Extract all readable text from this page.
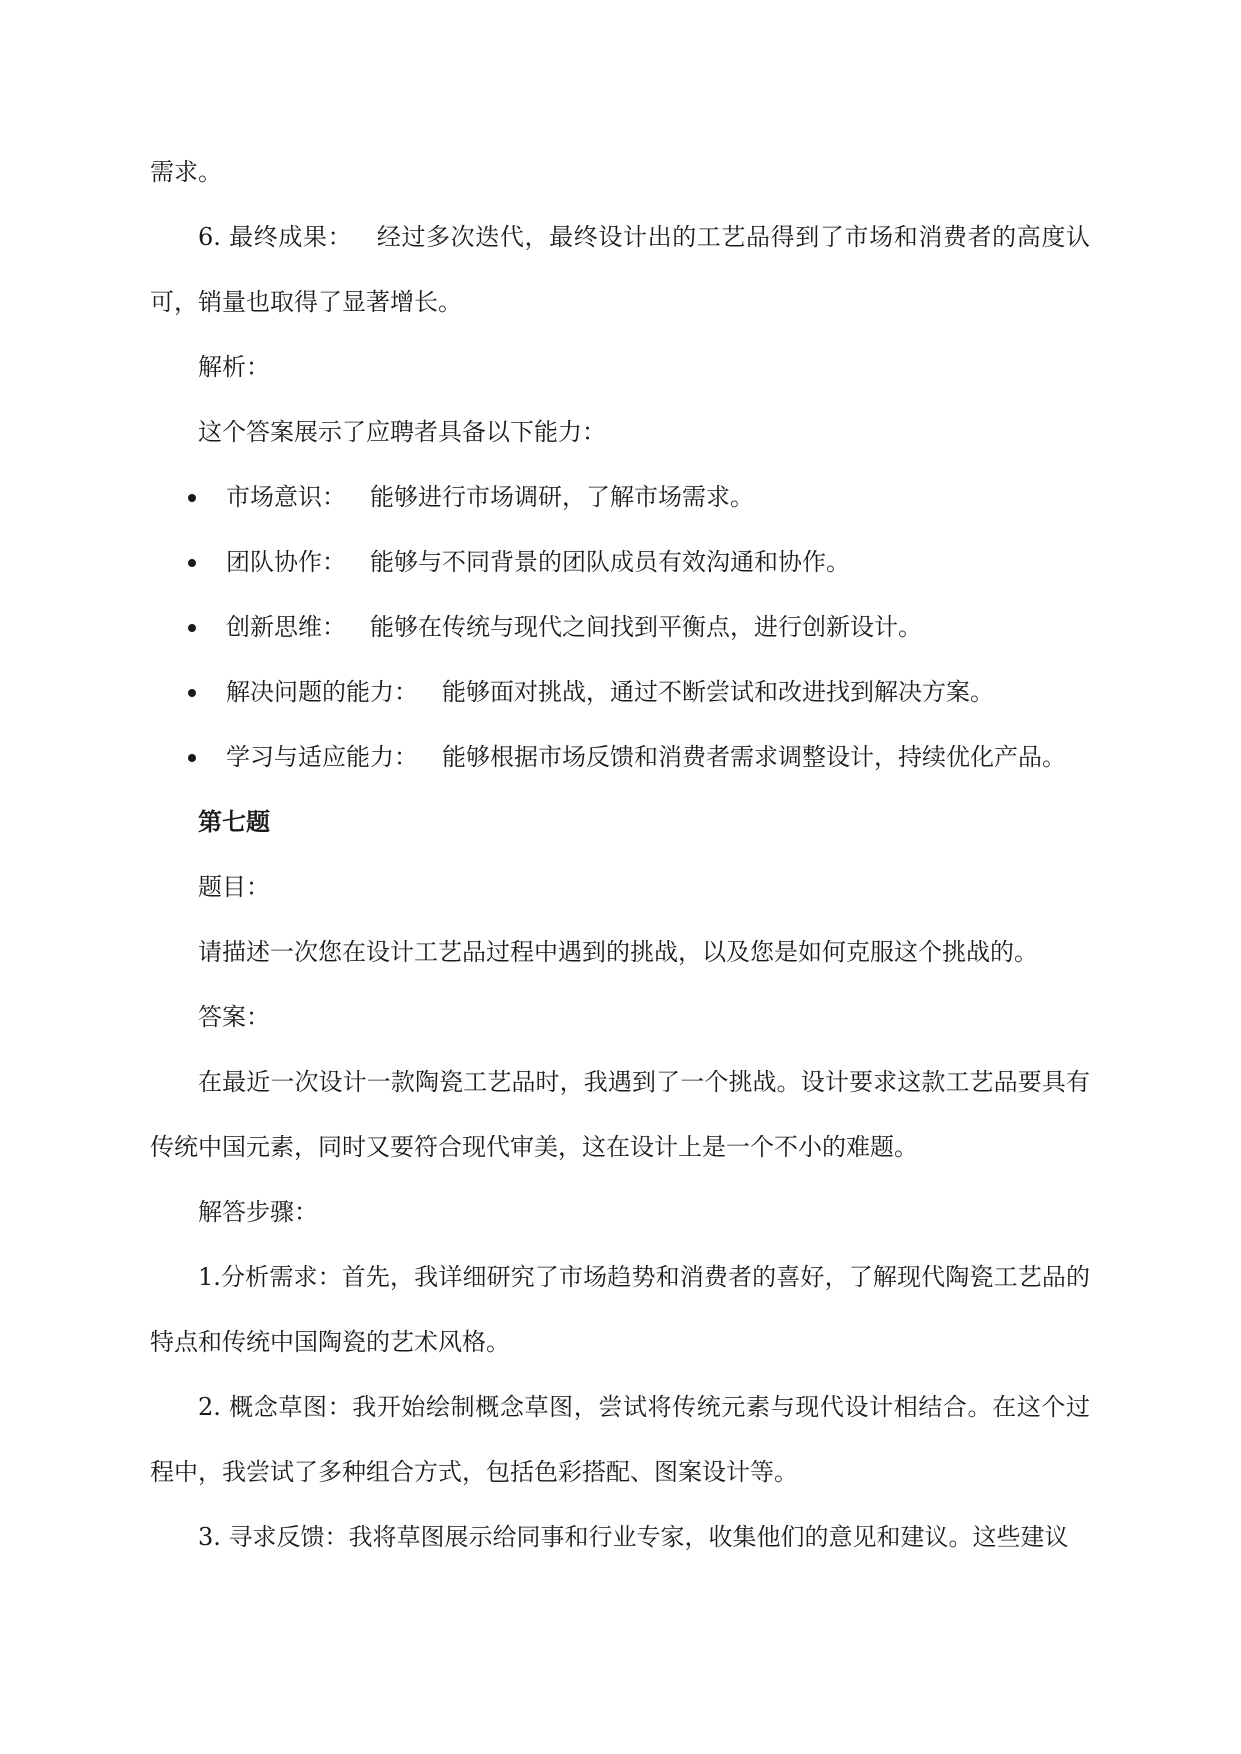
需求。

6. 最终成果： 经过多次迭代，最终设计出的工艺品得到了市场和消费者的高度认可，销量也取得了显著增长。

解析：

这个答案展示了应聘者具备以下能力：

市场意识： 能够进行市场调研，了解市场需求。
团队协作： 能够与不同背景的团队成员有效沟通和协作。
创新思维： 能够在传统与现代之间找到平衡点，进行创新设计。
解决问题的能力： 能够面对挑战，通过不断尝试和改进找到解决方案。
学习与适应能力： 能够根据市场反馈和消费者需求调整设计，持续优化产品。

第七题

题目：

请描述一次您在设计工艺品过程中遇到的挑战，以及您是如何克服这个挑战的。

答案：

在最近一次设计一款陶瓷工艺品时，我遇到了一个挑战。设计要求这款工艺品要具有传统中国元素，同时又要符合现代审美，这在设计上是一个不小的难题。

解答步骤：

1.分析需求：首先，我详细研究了市场趋势和消费者的喜好，了解现代陶瓷工艺品的特点和传统中国陶瓷的艺术风格。

2. 概念草图：我开始绘制概念草图，尝试将传统元素与现代设计相结合。在这个过程中，我尝试了多种组合方式，包括色彩搭配、图案设计等。

3. 寻求反馈：我将草图展示给同事和行业专家，收集他们的意见和建议。这些建议
